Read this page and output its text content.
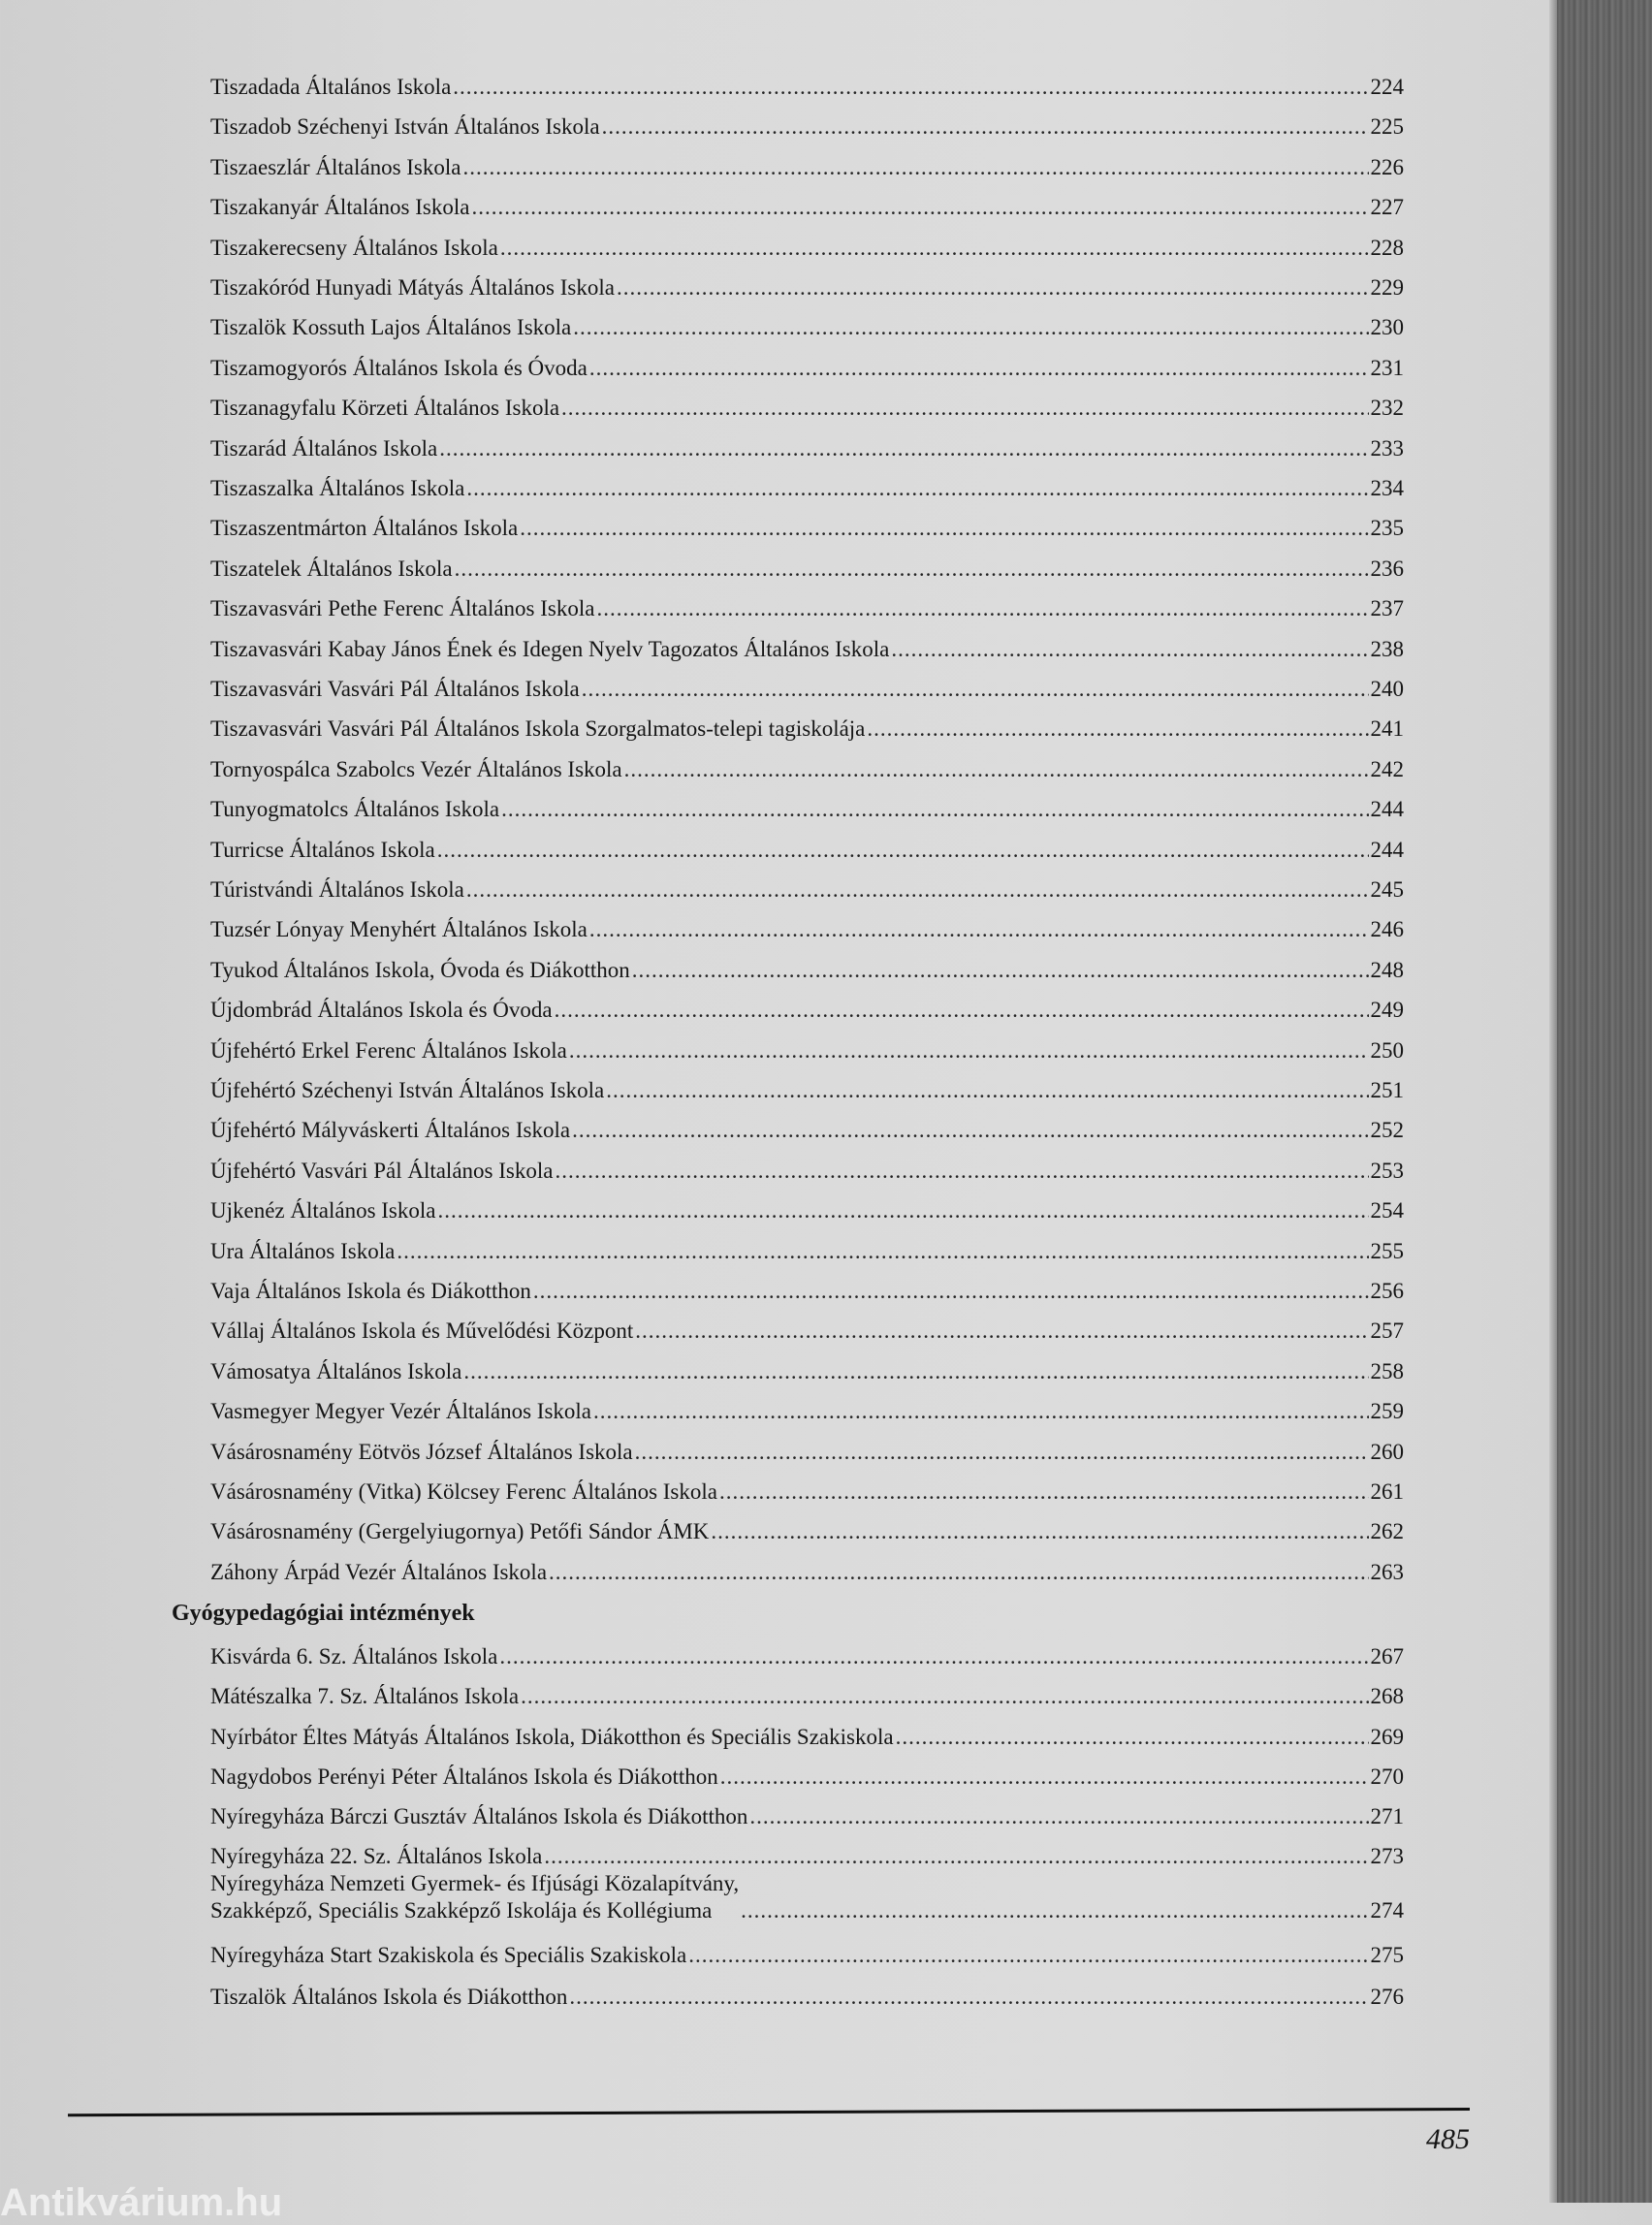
Tiszadada Általános Iskola .....	224
Tiszadob Széchenyi István Általános Iskola .....	225
Tiszaeszlár Általános Iskola .....	226
Tiszakanyár Általános Iskola .....	227
Tiszakerecseny Általános Iskola .....	228
Tiszakóród Hunyadi Mátyás Általános Iskola .....	229
Tiszalök Kossuth Lajos Általános Iskola .....	230
Tiszamogyorós Általános Iskola és Óvoda .....	231
Tiszanagyfalu Körzeti Általános Iskola .....	232
Tiszarád Általános Iskola .....	233
Tiszaszalka Általános Iskola .....	234
Tiszaszentmárton Általános Iskola .....	235
Tiszatelek Általános Iskola .....	236
Tiszavasvári Pethe Ferenc Általános Iskola .....	237
Tiszavasvári Kabay János Ének és Idegen Nyelv Tagozatos Általános Iskola .....	238
Tiszavasvári Vasvári Pál Általános Iskola .....	240
Tiszavasvári Vasvári Pál Általános Iskola Szorgalmatos-telepi tagiskolája .....	241
Tornyospálca Szabolcs Vezér Általános Iskola .....	242
Tunyogmatolcs Általános Iskola .....	244
Turricse Általános Iskola .....	244
Túristvándi Általános Iskola .....	245
Tuzsér Lónyay Menyhért Általános Iskola .....	246
Tyukod Általános Iskola, Óvoda és Diákotthon .....	248
Újdombrád Általános Iskola és Óvoda .....	249
Újfehértó Erkel Ferenc Általános Iskola .....	250
Újfehértó Széchenyi István Általános Iskola .....	251
Újfehértó Mályváskerti Általános Iskola .....	252
Újfehértó Vasvári Pál Általános Iskola .....	253
Ujkenéz Általános Iskola .....	254
Ura Általános Iskola .....	255
Vaja Általános Iskola és Diákotthon .....	256
Vállaj Általános Iskola és Művelődési Központ .....	257
Vámosatya Általános Iskola .....	258
Vasmegyer Megyer Vezér Általános Iskola .....	259
Vásárosnamény Eötvös József Általános Iskola .....	260
Vásárosnamény (Vitka) Kölcsey Ferenc Általános Iskola .....	261
Vásárosnamény (Gergelyiugornya) Petőfi Sándor ÁMK .....	262
Záhony Árpád Vezér Általános Iskola .....	263
Kisvárda 6. Sz. Általános Iskola .....	267
Mátészalka 7. Sz. Általános Iskola .....	268
Nyírbátor Éltes Mátyás Általános Iskola, Diákotthon és Speciális Szakiskola .....	269
Nagydobos Perényi Péter Általános Iskola és Diákotthon .....	270
Nyíregyháza Bárczi Gusztáv Általános Iskola és Diákotthon .....	271
Nyíregyháza 22. Sz. Általános Iskola .....	273
Nyíregyháza Nemzeti Gyermek- és Ifjúsági Közalapítvány,
Szakképző, Speciális Szakképző Iskolája és Kollégiuma .....	274
Nyíregyháza Start Szakiskola és Speciális Szakiskola .....	275
Tiszalök Általános Iskola és Diákotthon .....	276
Gyógypedagógiai intézmények
485
Antikvárium.hu
